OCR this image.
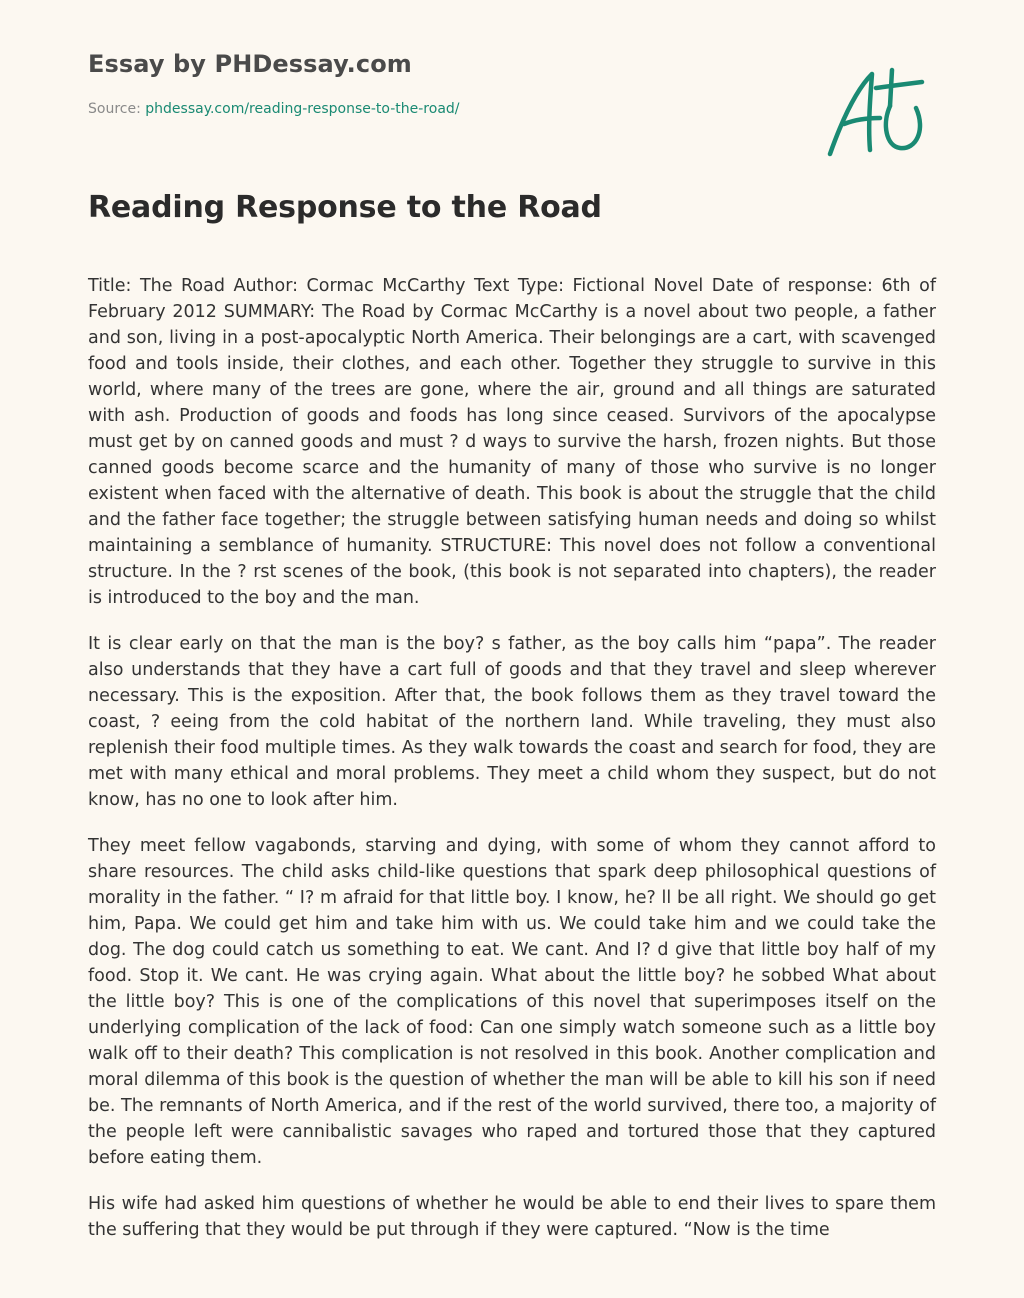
Essay by PHDessay.com
Source: phdessay.com/reading-response-to-the-road/
Reading Response to the Road

Title: The Road Author: Cormac McCarthy Text Type: Fictional Novel Date of response: 6th of February 2012 SUMMARY: The Road by Cormac McCarthy is a novel about two people, a father and son, living in a post-apocalyptic North America. Their belongings are a cart, with scavenged food and tools inside, their clothes, and each other. Together they struggle to survive in this world, where many of the trees are gone, where the air, ground and all things are saturated with ash. Production of goods and foods has long since ceased. Survivors of the apocalypse must get by on canned goods and must ? d ways to survive the harsh, frozen nights. But those canned goods become scarce and the humanity of many of those who survive is no longer existent when faced with the alternative of death. This book is about the struggle that the child and the father face together; the struggle between satisfying human needs and doing so whilst maintaining a semblance of humanity. STRUCTURE: This novel does not follow a conventional structure. In the ? rst scenes of the book, (this book is not separated into chapters), the reader is introduced to the boy and the man.

It is clear early on that the man is the boy? s father, as the boy calls him “papa”. The reader also understands that they have a cart full of goods and that they travel and sleep wherever necessary. This is the exposition. After that, the book follows them as they travel toward the coast, ? eeing from the cold habitat of the northern land. While traveling, they must also replenish their food multiple times. As they walk towards the coast and search for food, they are met with many ethical and moral problems. They meet a child whom they suspect, but do not know, has no one to look after him.

They meet fellow vagabonds, starving and dying, with some of whom they cannot afford to share resources. The child asks child-like questions that spark deep philosophical questions of morality in the father. “ I? m afraid for that little boy. I know, he? ll be all right. We should go get him, Papa. We could get him and take him with us. We could take him and we could take the dog. The dog could catch us something to eat. We cant. And I? d give that little boy half of my food. Stop it. We cant. He was crying again. What about the little boy? he sobbed What about the little boy? This is one of the complications of this novel that superimposes itself on the underlying complication of the lack of food: Can one simply watch someone such as a little boy walk off to their death? This complication is not resolved in this book. Another complication and moral dilemma of this book is the question of whether the man will be able to kill his son if need be. The remnants of North America, and if the rest of the world survived, there too, a majority of the people left were cannibalistic savages who raped and tortured those that they captured before eating them.

His wife had asked him questions of whether he would be able to end their lives to spare them the suffering that they would be put through if they were captured. “Now is the time
